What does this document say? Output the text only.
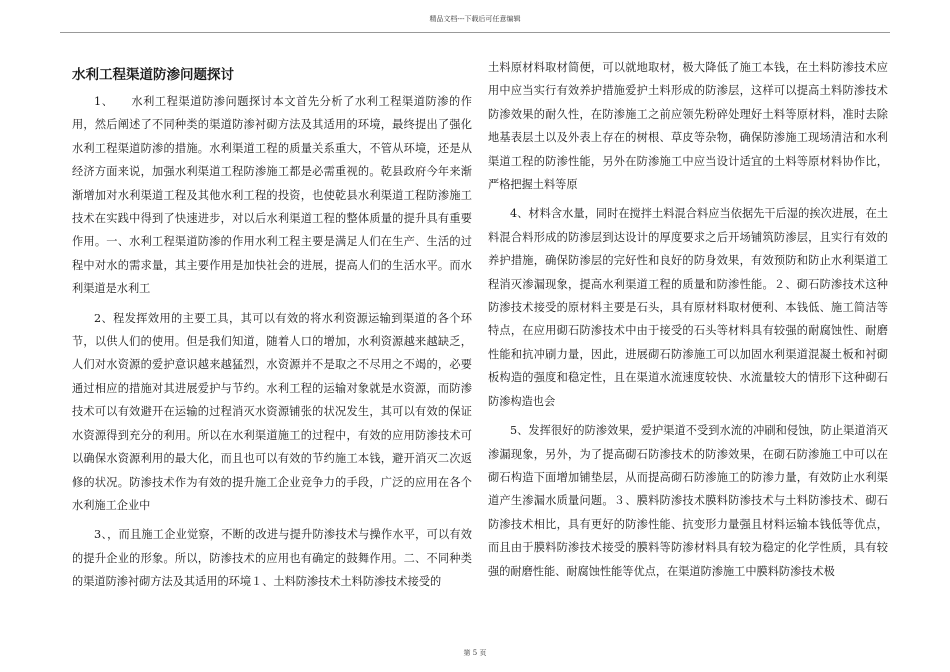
精品文档---下载后可任意编辑
水利工程渠道防渗问题探讨

1、　　水利工程渠道防渗问题探讨本文首先分析了水利工程渠道防渗的作用，然后阐述了不同种类的渠道防渗衬砌方法及其适用的环境，最终提出了强化水利工程渠道防渗的措施。水利渠道工程的质量关系重大，不管从环境，还是从经济方面来说，加强水利渠道工程防渗施工都是必需重视的。乾县政府今年来渐渐增加对水利渠道工程及其他水利工程的投资，也使乾县水利渠道工程防渗施工技术在实践中得到了快速进步，对以后水利渠道工程的整体质量的提升具有重要作用。一、水利工程渠道防渗的作用水利工程主要是满足人们在生产、生活的过程中对水的需求量，其主要作用是加快社会的进展，提高人们的生活水平。而水利渠道是水利工

2、程发挥效用的主要工具，其可以有效的将水利资源运输到渠道的各个环节，以供人们的使用。但是我们知道，随着人口的增加，水利资源越来越缺乏，人们对水资源的爱护意识越来越猛烈，水资源并不是取之不尽用之不竭的，必要通过相应的措施对其进展爱护与节约。水利工程的运输对象就是水资源，而防渗技术可以有效避开在运输的过程消灭水资源铺张的状况发生，其可以有效的保证水资源得到充分的利用。所以在水利渠道施工的过程中，有效的应用防渗技术可以确保水资源利用的最大化，而且也可以有效的节约施工本钱，避开消灭二次返修的状况。防渗技术作为有效的提升施工企业竞争力的手段，广泛的应用在各个水利施工企业中

3、，而且施工企业觉察，不断的改进与提升防渗技术与操作水平，可以有效的提升企业的形象。所以，防渗技术的应用也有确定的鼓舞作用。二、不同种类的渠道防渗衬砌方法及其适用的环境１、土料防渗技术土料防渗技术接受的

土料原材料取材简便，可以就地取材，极大降低了施工本钱，在土料防渗技术应用中应当实行有效养护措施爱护土料形成的防渗层，这样可以提高土料防渗技术防渗效果的耐久性，在防渗施工之前应领先粉碎处理好土料等原材料，准时去除地基表层土以及外表上存在的树根、草皮等杂物，确保防渗施工现场清洁和水利渠道工程的防渗性能，另外在防渗施工中应当设计适宜的土料等原材料协作比，严格把握土料等原

4、材料含水量，同时在搅拌土料混合料应当依据先干后湿的挨次进展，在土料混合料形成的防渗层到达设计的厚度要求之后开场铺筑防渗层，且实行有效的养护措施，确保防渗层的完好性和良好的防身效果，有效预防和防止水利渠道工程消灭渗漏现象，提高水利渠道工程的质量和防渗性能。２、砌石防渗技术这种防渗技术接受的原材料主要是石头，具有原材料取材便利、本钱低、施工简洁等特点，在应用砌石防渗技术中由于接受的石头等材料具有较强的耐腐蚀性、耐磨性能和抗冲刷力量，因此，进展砌石防渗施工可以加固水利渠道混凝土板和衬砌板构造的强度和稳定性，且在渠道水流速度较快、水流量较大的情形下这种砌石防渗构造也会

5、发挥很好的防渗效果，爱护渠道不受到水流的冲刷和侵蚀，防止渠道消灭渗漏现象，另外，为了提高砌石防渗技术的防渗效果，在砌石防渗施工中可以在砌石构造下面增加铺垫层，从而提高砌石防渗施工的防渗力量，有效防止水利渠道产生渗漏水质量问题。３、膜料防渗技术膜料防渗技术与土料防渗技术、砌石防渗技术相比，具有更好的防渗性能、抗变形力量强且材料运输本钱低等优点，而且由于膜料防渗技术接受的膜料等防渗材料具有较为稳定的化学性质，具有较强的耐磨性能、耐腐蚀性能等优点，在渠道防渗施工中膜料防渗技术极

第 5 页
